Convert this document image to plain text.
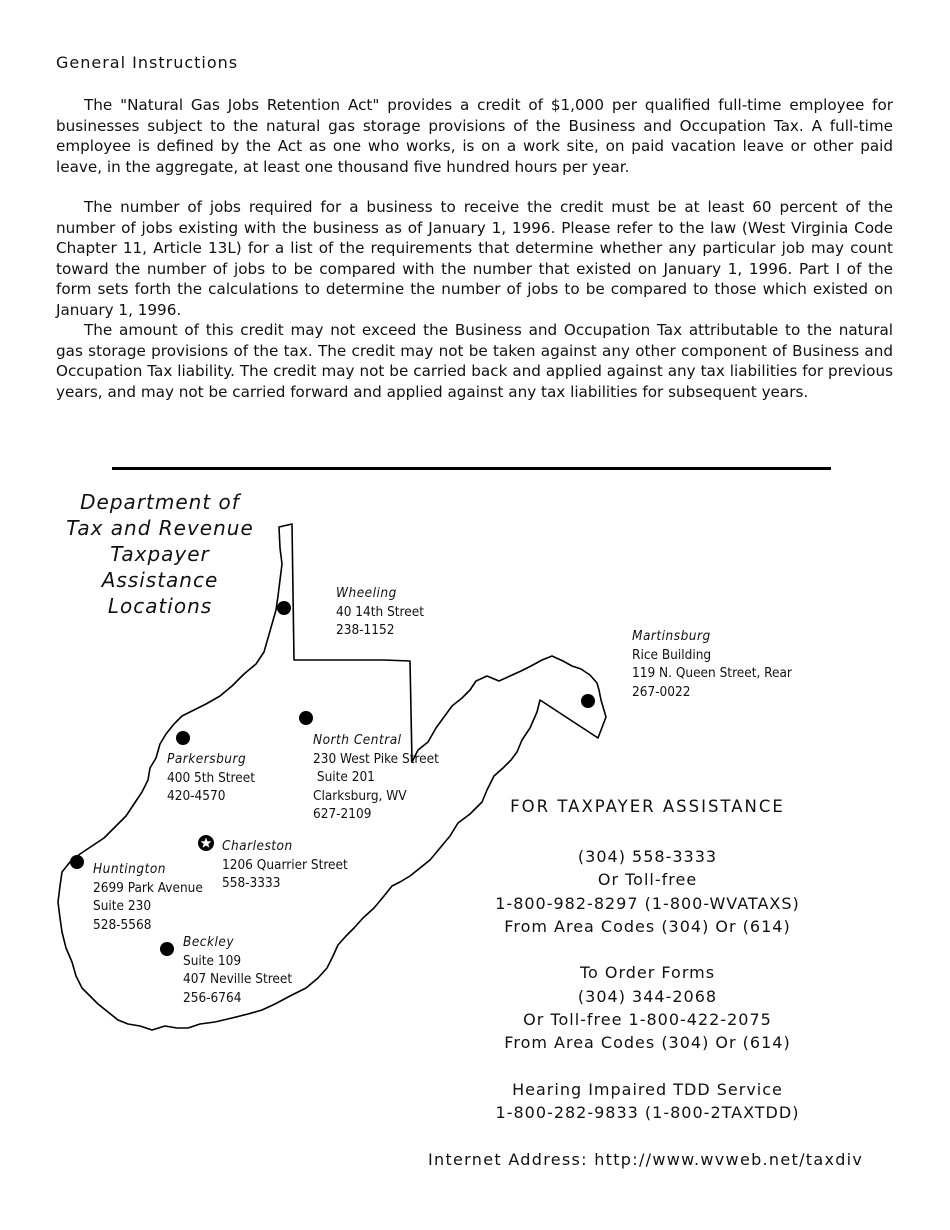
General Instructions

The "Natural Gas Jobs Retention Act" provides a credit of $1,000 per qualified full-time employee for businesses subject to the natural gas storage provisions of the Business and Occupation Tax. A full-time employee is defined by the Act as one who works, is on a work site, on paid vacation leave or other paid leave, in the aggregate, at least one thousand five hundred hours per year.

The number of jobs required for a business to receive the credit must be at least 60 percent of the number of jobs existing with the business as of January 1, 1996. Please refer to the law (West Virginia Code Chapter 11, Article 13L) for a list of the requirements that determine whether any particular job may count toward the number of jobs to be compared with the number that existed on January 1, 1996. Part I of the form sets forth the calculations to determine the number of jobs to be compared to those which existed on January 1, 1996.

The amount of this credit may not exceed the Business and Occupation Tax attributable to the natural gas storage provisions of the tax. The credit may not be taken against any other component of Business and Occupation Tax liability. The credit may not be carried back and applied against any tax liabilities for previous years, and may not be carried forward and applied against any tax liabilities for subsequent years.

Department of
Tax and Revenue
Taxpayer
Assistance
Locations
Wheeling
40 14th Street
238-1152	Martinsburg
Rice Building
119 N. Queen Street, Rear
267-0022
Parkersburg
400 5th Street
420-4570
North Central
230 West Pike Street
Suite 201
Clarksburg, WV
627-2109
Charleston
1206 Quarrier Street
558-3333
Huntington
2699 Park Avenue
Suite 230
528-5568
Beckley
Suite 109
407 Neville Street
256-6764
FOR TAXPAYER ASSISTANCE
(304) 558-3333
Or Toll-free
1-800-982-8297 (1-800-WVATAXS)
From Area Codes (304) Or (614)
To Order Forms
(304) 344-2068
Or Toll-free 1-800-422-2075
From Area Codes (304) Or (614)
Hearing Impaired TDD Service
1-800-282-9833 (1-800-2TAXTDD)
Internet Address: http://www.wvweb.net/taxdiv
